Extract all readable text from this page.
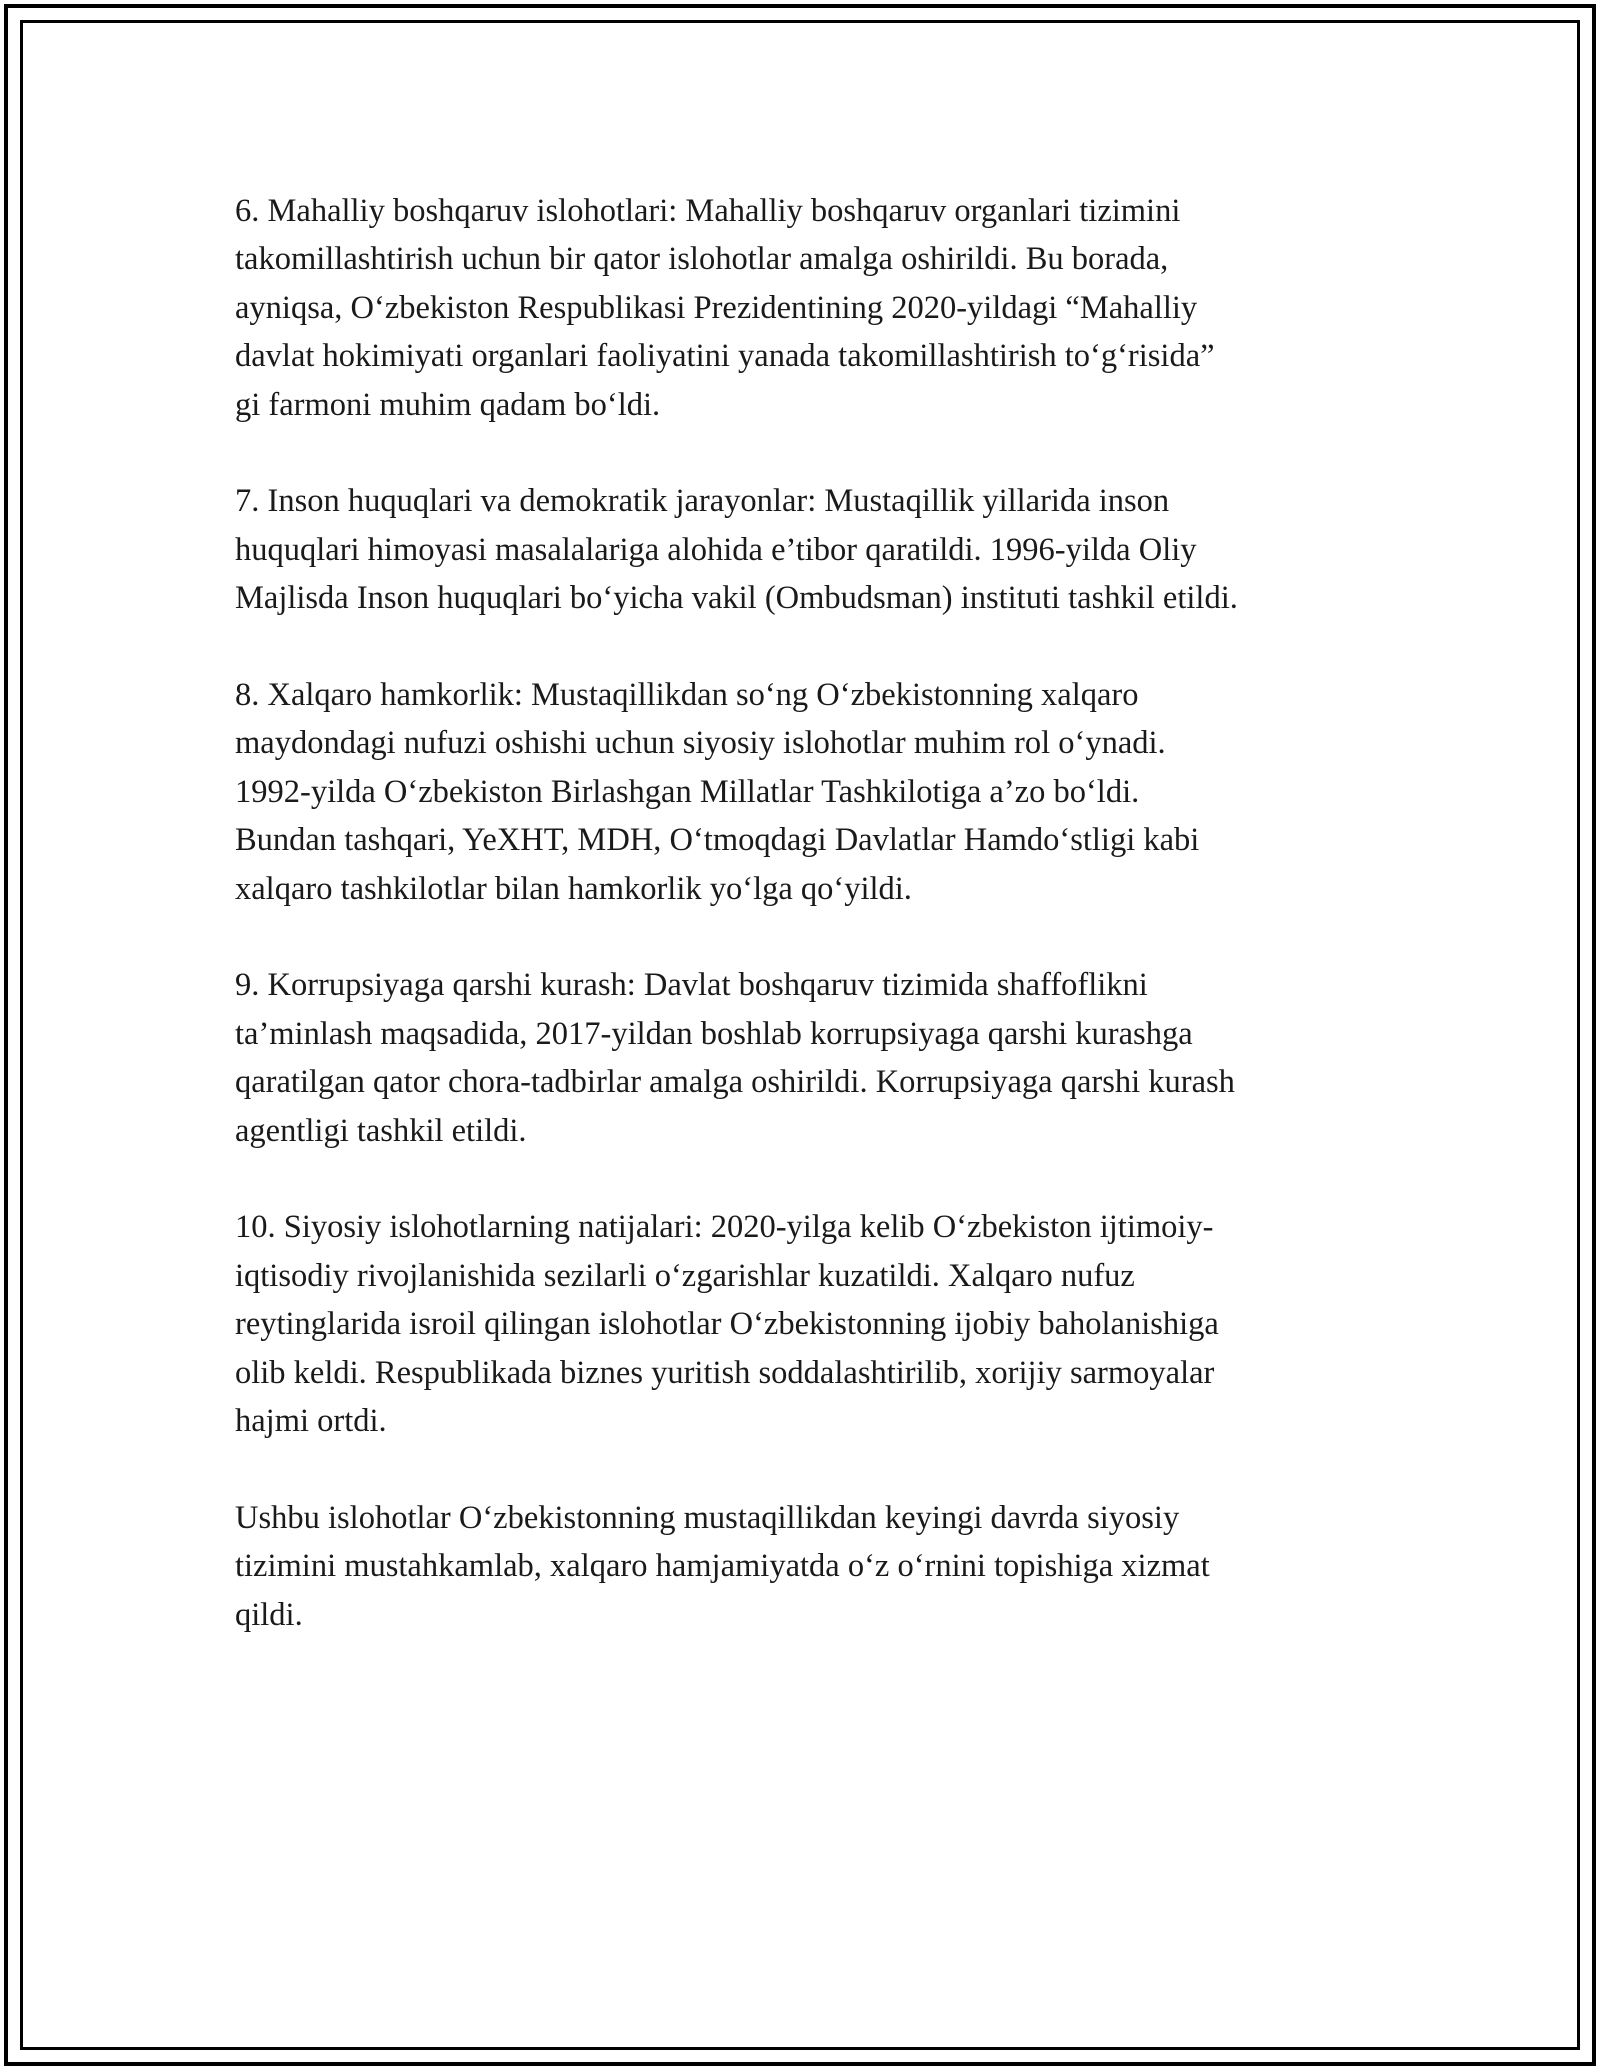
6. Mahalliy boshqaruv islohotlari: Mahalliy boshqaruv organlari tizimini
takomillashtirish uchun bir qator islohotlar amalga oshirildi. Bu borada,
ayniqsa, O‘zbekiston Respublikasi Prezidentining 2020-yildagi “Mahalliy
davlat hokimiyati organlari faoliyatini yanada takomillashtirish to‘g‘risida”
gi farmoni muhim qadam bo‘ldi.

7. Inson huquqlari va demokratik jarayonlar: Mustaqillik yillarida inson
huquqlari himoyasi masalalariga alohida e’tibor qaratildi. 1996-yilda Oliy
Majlisda Inson huquqlari bo‘yicha vakil (Ombudsman) instituti tashkil etildi.

8. Xalqaro hamkorlik: Mustaqillikdan so‘ng O‘zbekistonning xalqaro
maydondagi nufuzi oshishi uchun siyosiy islohotlar muhim rol o‘ynadi.
1992-yilda O‘zbekiston Birlashgan Millatlar Tashkilotiga a’zo bo‘ldi.
Bundan tashqari, YeXHT, MDH, O‘tmoqdagi Davlatlar Hamdo‘stligi kabi
xalqaro tashkilotlar bilan hamkorlik yo‘lga qo‘yildi.

9. Korrupsiyaga qarshi kurash: Davlat boshqaruv tizimida shaffoflikni
ta’minlash maqsadida, 2017-yildan boshlab korrupsiyaga qarshi kurashga
qaratilgan qator chora-tadbirlar amalga oshirildi. Korrupsiyaga qarshi kurash
agentligi tashkil etildi.

10. Siyosiy islohotlarning natijalari: 2020-yilga kelib O‘zbekiston ijtimoiy-
iqtisodiy rivojlanishida sezilarli o‘zgarishlar kuzatildi. Xalqaro nufuz
reytinglarida isroil qilingan islohotlar O‘zbekistonning ijobiy baholanishiga
olib keldi. Respublikada biznes yuritish soddalashtirilib, xorijiy sarmoyalar
hajmi ortdi.

Ushbu islohotlar O‘zbekistonning mustaqillikdan keyingi davrda siyosiy
tizimini mustahkamlab, xalqaro hamjamiyatda o‘z o‘rnini topishiga xizmat
qildi.
